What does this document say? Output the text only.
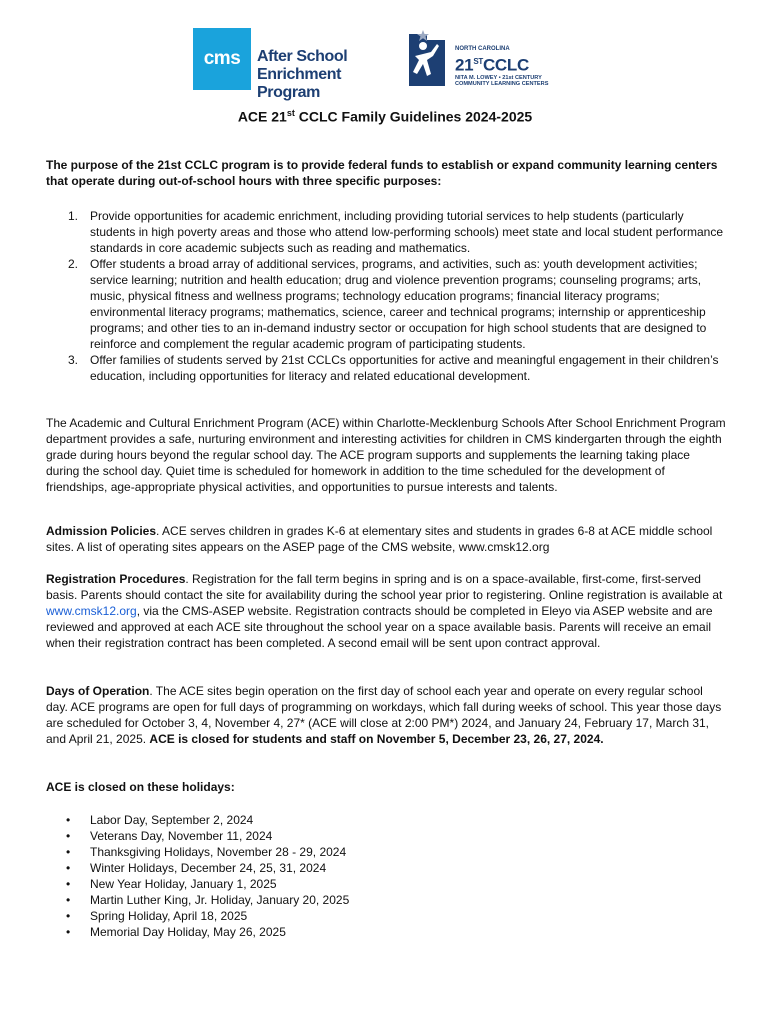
cms After School
Enrichment Program
NORTH CAROLINA
21STCCLC
NITA M. LOWEY • 21st CENTURY
COMMUNITY LEARNING CENTERS
ACE 21st CCLC Family Guidelines 2024-2025
The purpose of the 21st CCLC program is to provide federal funds to establish or expand community learning centers that operate during out-of-school hours with three specific purposes:
1. Provide opportunities for academic enrichment, including providing tutorial services to help students (particularly students in high poverty areas and those who attend low-performing schools) meet state and local student performance standards in core academic subjects such as reading and mathematics.
2. Offer students a broad array of additional services, programs, and activities, such as: youth development activities; service learning; nutrition and health education; drug and violence prevention programs; counseling programs; arts, music, physical fitness and wellness programs; technology education programs; financial literacy programs; environmental literacy programs; mathematics, science, career and technical programs; internship or apprenticeship programs; and other ties to an in-demand industry sector or occupation for high school students that are designed to reinforce and complement the regular academic program of participating students.
3. Offer families of students served by 21st CCLCs opportunities for active and meaningful engagement in their children’s education, including opportunities for literacy and related educational development.
The Academic and Cultural Enrichment Program (ACE) within Charlotte-Mecklenburg Schools After School Enrichment Program department provides a safe, nurturing environment and interesting activities for children in CMS kindergarten through the eighth grade during hours beyond the regular school day. The ACE program supports and supplements the learning taking place during the school day. Quiet time is scheduled for homework in addition to the time scheduled for the development of friendships, age-appropriate physical activities, and opportunities to pursue interests and talents.
Admission Policies. ACE serves children in grades K-6 at elementary sites and students in grades 6-8 at ACE middle school sites. A list of operating sites appears on the ASEP page of the CMS website, www.cmsk12.org
Registration Procedures. Registration for the fall term begins in spring and is on a space-available, first-come, first-served basis. Parents should contact the site for availability during the school year prior to registering. Online registration is available at www.cmsk12.org, via the CMS-ASEP website. Registration contracts should be completed in Eleyo via ASEP website and are reviewed and approved at each ACE site throughout the school year on a space available basis. Parents will receive an email when their registration contract has been completed. A second email will be sent upon contract approval.
Days of Operation. The ACE sites begin operation on the first day of school each year and operate on every regular school day. ACE programs are open for full days of programming on workdays, which fall during weeks of school. This year those days are scheduled for October 3, 4, November 4, 27* (ACE will close at 2:00 PM*) 2024, and January 24, February 17, March 31, and April 21, 2025. ACE is closed for students and staff on November 5, December 23, 26, 27, 2024.
ACE is closed on these holidays:
• Labor Day, September 2, 2024
• Veterans Day, November 11, 2024
• Thanksgiving Holidays, November 28 - 29, 2024
• Winter Holidays, December 24, 25, 31, 2024
• New Year Holiday, January 1, 2025
• Martin Luther King, Jr. Holiday, January 20, 2025
• Spring Holiday, April 18, 2025
• Memorial Day Holiday, May 26, 2025
